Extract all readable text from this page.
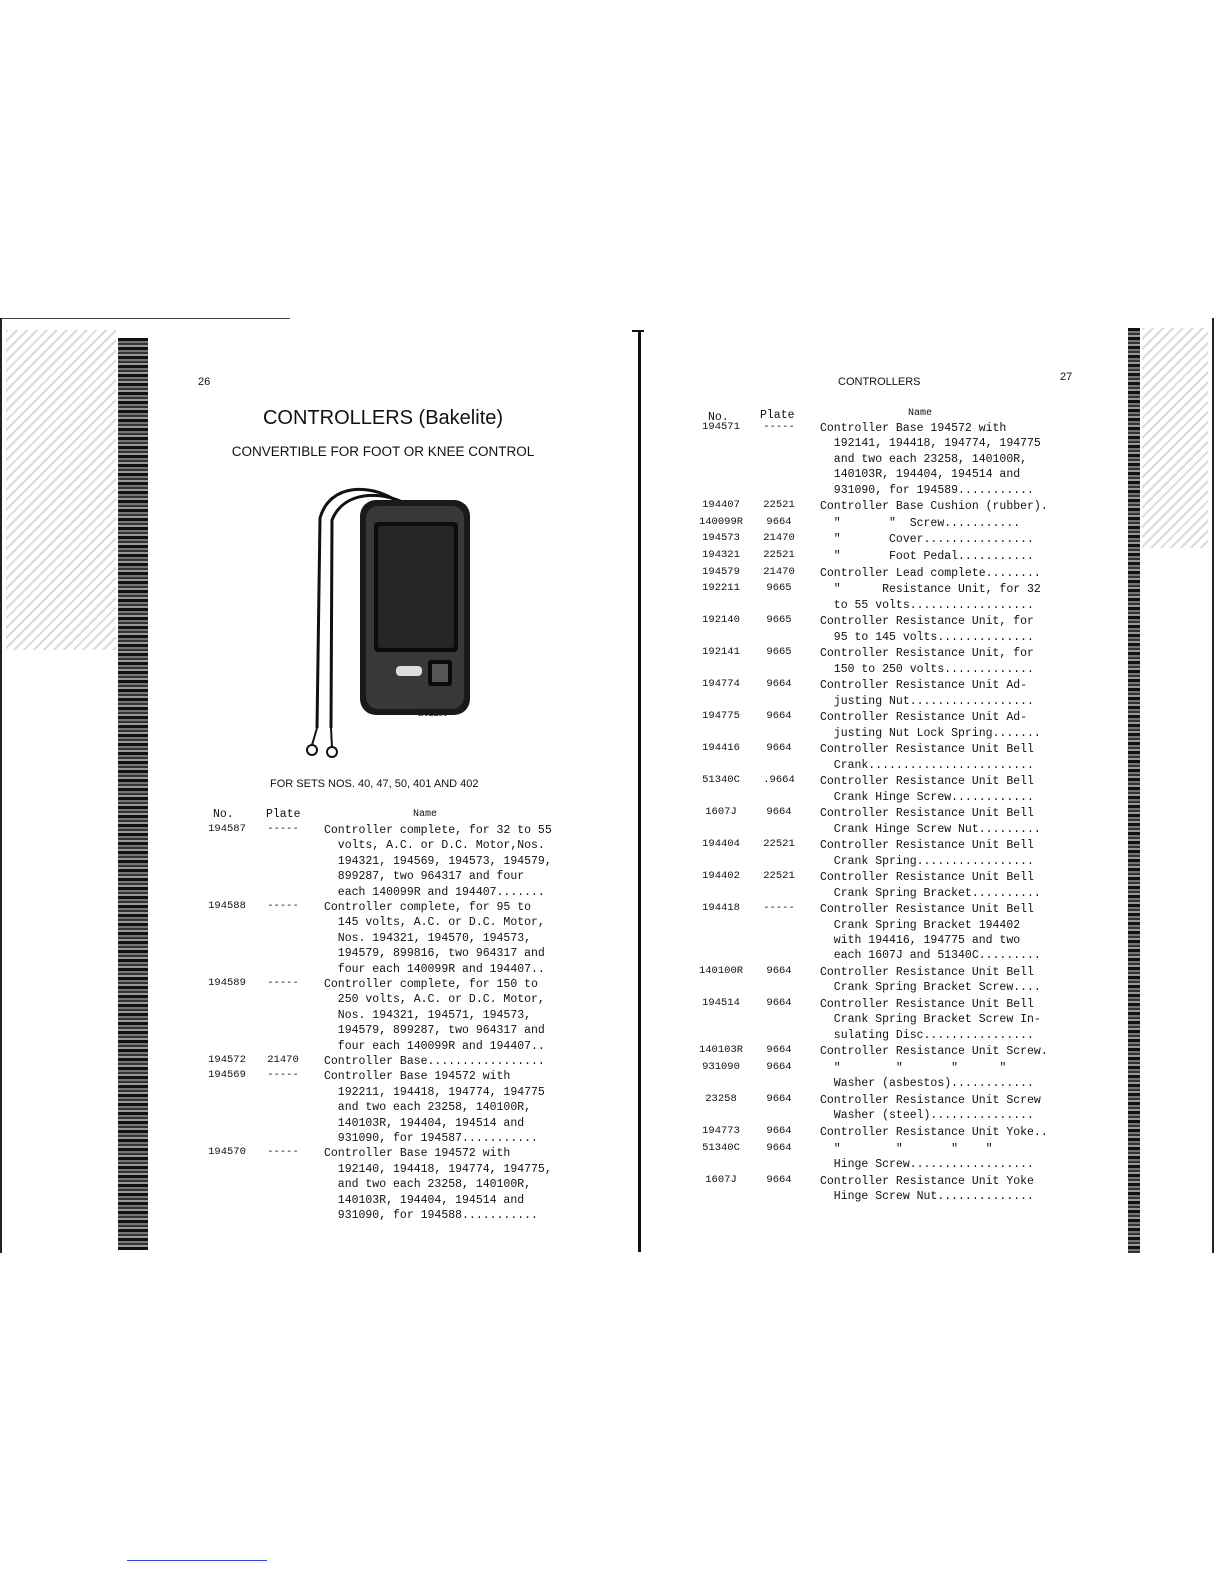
26
CONTROLLERS (Bakelite)
CONVERTIBLE FOR FOOT OR KNEE CONTROL
E1229I
FOR SETS NOS. 40, 47, 50, 401 AND 402
No.	Plate	Name
194587	-----	Controller complete, for 32 to 55
volts, A.C. or D.C. Motor,Nos.
194321, 194569, 194573, 194579,
899287, two 964317 and four
each 140099R and 194407.......
194588	-----	Controller complete, for 95 to
145 volts, A.C. or D.C. Motor,
Nos. 194321, 194570, 194573,
194579, 899816, two 964317 and
four each 140099R and 194407..
194589	-----	Controller complete, for 150 to
250 volts, A.C. or D.C. Motor,
Nos. 194321, 194571, 194573,
194579, 899287, two 964317 and
four each 140099R and 194407..
194572	21470	Controller Base.................
194569	-----	Controller Base 194572 with
192211, 194418, 194774, 194775
and two each 23258, 140100R,
140103R, 194404, 194514 and
931090, for 194587...........
194570	-----	Controller Base 194572 with
192140, 194418, 194774, 194775,
and two each 23258, 140100R,
140103R, 194404, 194514 and
931090, for 194588...........
CONTROLLERS	27
No.	Plate	Name
194571	-----	Controller Base 194572 with
192141, 194418, 194774, 194775
and two each 23258, 140100R,
140103R, 194404, 194514 and
931090, for 194589...........
194407	22521	Controller Base Cushion (rubber).
140099R	9664	"       "  Screw...........
194573	21470	"       Cover................
194321	22521	"       Foot Pedal...........
194579	21470	Controller Lead complete........
192211	9665	"      Resistance Unit, for 32
to 55 volts..................
192140	9665	Controller Resistance Unit, for
95 to 145 volts..............
192141	9665	Controller Resistance Unit, for
150 to 250 volts.............
194774	9664	Controller Resistance Unit Ad-
justing Nut..................
194775	9664	Controller Resistance Unit Ad-
justing Nut Lock Spring.......
194416	9664	Controller Resistance Unit Bell
Crank........................
51340C	.9664	Controller Resistance Unit Bell
Crank Hinge Screw............
1607J	9664	Controller Resistance Unit Bell
Crank Hinge Screw Nut.........
194404	22521	Controller Resistance Unit Bell
Crank Spring.................
194402	22521	Controller Resistance Unit Bell
Crank Spring Bracket..........
194418	-----	Controller Resistance Unit Bell
Crank Spring Bracket 194402
with 194416, 194775 and two
each 1607J and 51340C.........
140100R	9664	Controller Resistance Unit Bell
Crank Spring Bracket Screw....
194514	9664	Controller Resistance Unit Bell
Crank Spring Bracket Screw In-
sulating Disc................
140103R	9664	Controller Resistance Unit Screw.
931090	9664	"        "       "      "
Washer (asbestos)............
23258	9664	Controller Resistance Unit Screw
Washer (steel)...............
194773	9664	Controller Resistance Unit Yoke..
51340C	9664	"        "       "    "
Hinge Screw..................
1607J	9664	Controller Resistance Unit Yoke
Hinge Screw Nut..............
